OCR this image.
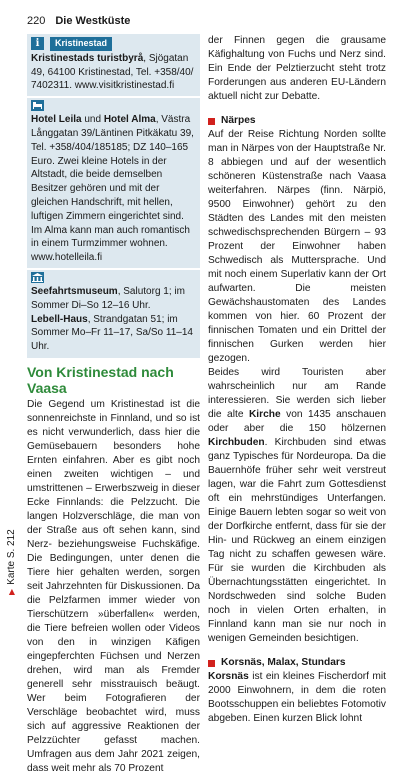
220 Die Westküste
i	Kristinestad
Kristinestads turistbyrå, Sjögatan 49, 64100 Kristinestad, Tel. +358/40/ 7402311. www.visitkristinestad.fi
Hotel Leila und Hotel Alma, Västra Långgatan 39/Läntinen Pitkäkatu 39, Tel. +358/404/185185; DZ 140–165 Euro. Zwei kleine Hotels in der Altstadt, die beide demselben Besitzer gehören und mit der gleichen Handschrift, mit hellen, luftigen Zimmern eingerichtet sind. Im Alma kann man auch romantisch in einem Turmzimmer wohnen. www.hotelleila.fi
Seefahrtsmuseum, Salutorg 1; im Sommer Di–So 12–16 Uhr.
Lebell-Haus, Strandgatan 51; im Sommer Mo–Fr 11–17, Sa/So 11–14 Uhr.
Von Kristinestad nach Vaasa

Die Gegend um Kristinestad ist die sonnenreichste in Finnland, und so ist es nicht verwunderlich, dass hier die Gemüsebauern besonders hohe Ernten einfahren. Aber es gibt noch einen zweiten wichtigen – und umstrittenen – Erwerbszweig in dieser Ecke Finnlands: die Pelzzucht. Die langen Holzverschläge, die man von der Straße aus oft sehen kann, sind Nerz- beziehungsweise Fuchskäfige. Die Bedingungen, unter denen die Tiere hier gehalten werden, sorgen seit Jahrzehnten für Diskussionen. Da die Pelzfarmen immer wieder von Tierschützern »überfallen« werden, die Tiere befreien wollen oder Videos von den in winzigen Käfigen eingepferchten Füchsen und Nerzen drehen, wird man als Fremder generell sehr misstrauisch beäugt. Wer beim Fotografieren der Verschläge beobachtet wird, muss sich auf aggressive Reaktionen der Pelzzüchter gefasst machen. Umfragen aus dem Jahr 2021 zeigen, dass weit mehr als 70 Prozent

der Finnen gegen die grausame Käfighaltung von Fuchs und Nerz sind. Ein Ende der Pelztierzucht steht trotz Forderungen aus anderen EU-Ländern aktuell nicht zur Debatte.

Närpes

Auf der Reise Richtung Norden sollte man in Närpes von der Hauptstraße Nr. 8 abbiegen und auf der wesentlich schöneren Küstenstraße nach Vaasa weiterfahren. Närpes (finn. Närpiö, 9500 Einwohner) gehört zu den Städten des Landes mit den meisten schwedischsprechenden Bürgern – 93 Prozent der Einwohner haben Schwedisch als Muttersprache. Und mit noch einem Superlativ kann der Ort aufwarten. Die meisten Gewächshaustomaten des Landes kommen von hier. 60 Prozent der finnischen Tomaten und ein Drittel der finnischen Gurken werden hier gezogen.

Beides wird Touristen aber wahrscheinlich nur am Rande interessieren. Sie werden sich lieber die alte Kirche von 1435 anschauen oder aber die 150 hölzernen Kirchbuden. Kirchbuden sind etwas ganz Typisches für Nordeuropa. Da die Bauernhöfe früher sehr weit verstreut lagen, war die Fahrt zum Gottesdienst oft ein mehrstündiges Unterfangen. Einige Bauern lebten sogar so weit von der Dorfkirche entfernt, dass für sie der Hin- und Rückweg an einem einzigen Tag nicht zu schaffen gewesen wäre. Für sie wurden die Kirchbuden als Übernachtungsstätten eingerichtet. In Nordschweden sind solche Buden noch in vielen Orten erhalten, in Finnland kann man sie nur noch in wenigen Gemeinden besichtigen.

Korsnäs, Malax, Stundars

Korsnäs ist ein kleines Fischerdorf mit 2000 Einwohnern, in dem die roten Bootsschuppen ein beliebtes Fotomotiv abgeben. Einen kurzen Blick lohnt

▶
Karte S. 212
